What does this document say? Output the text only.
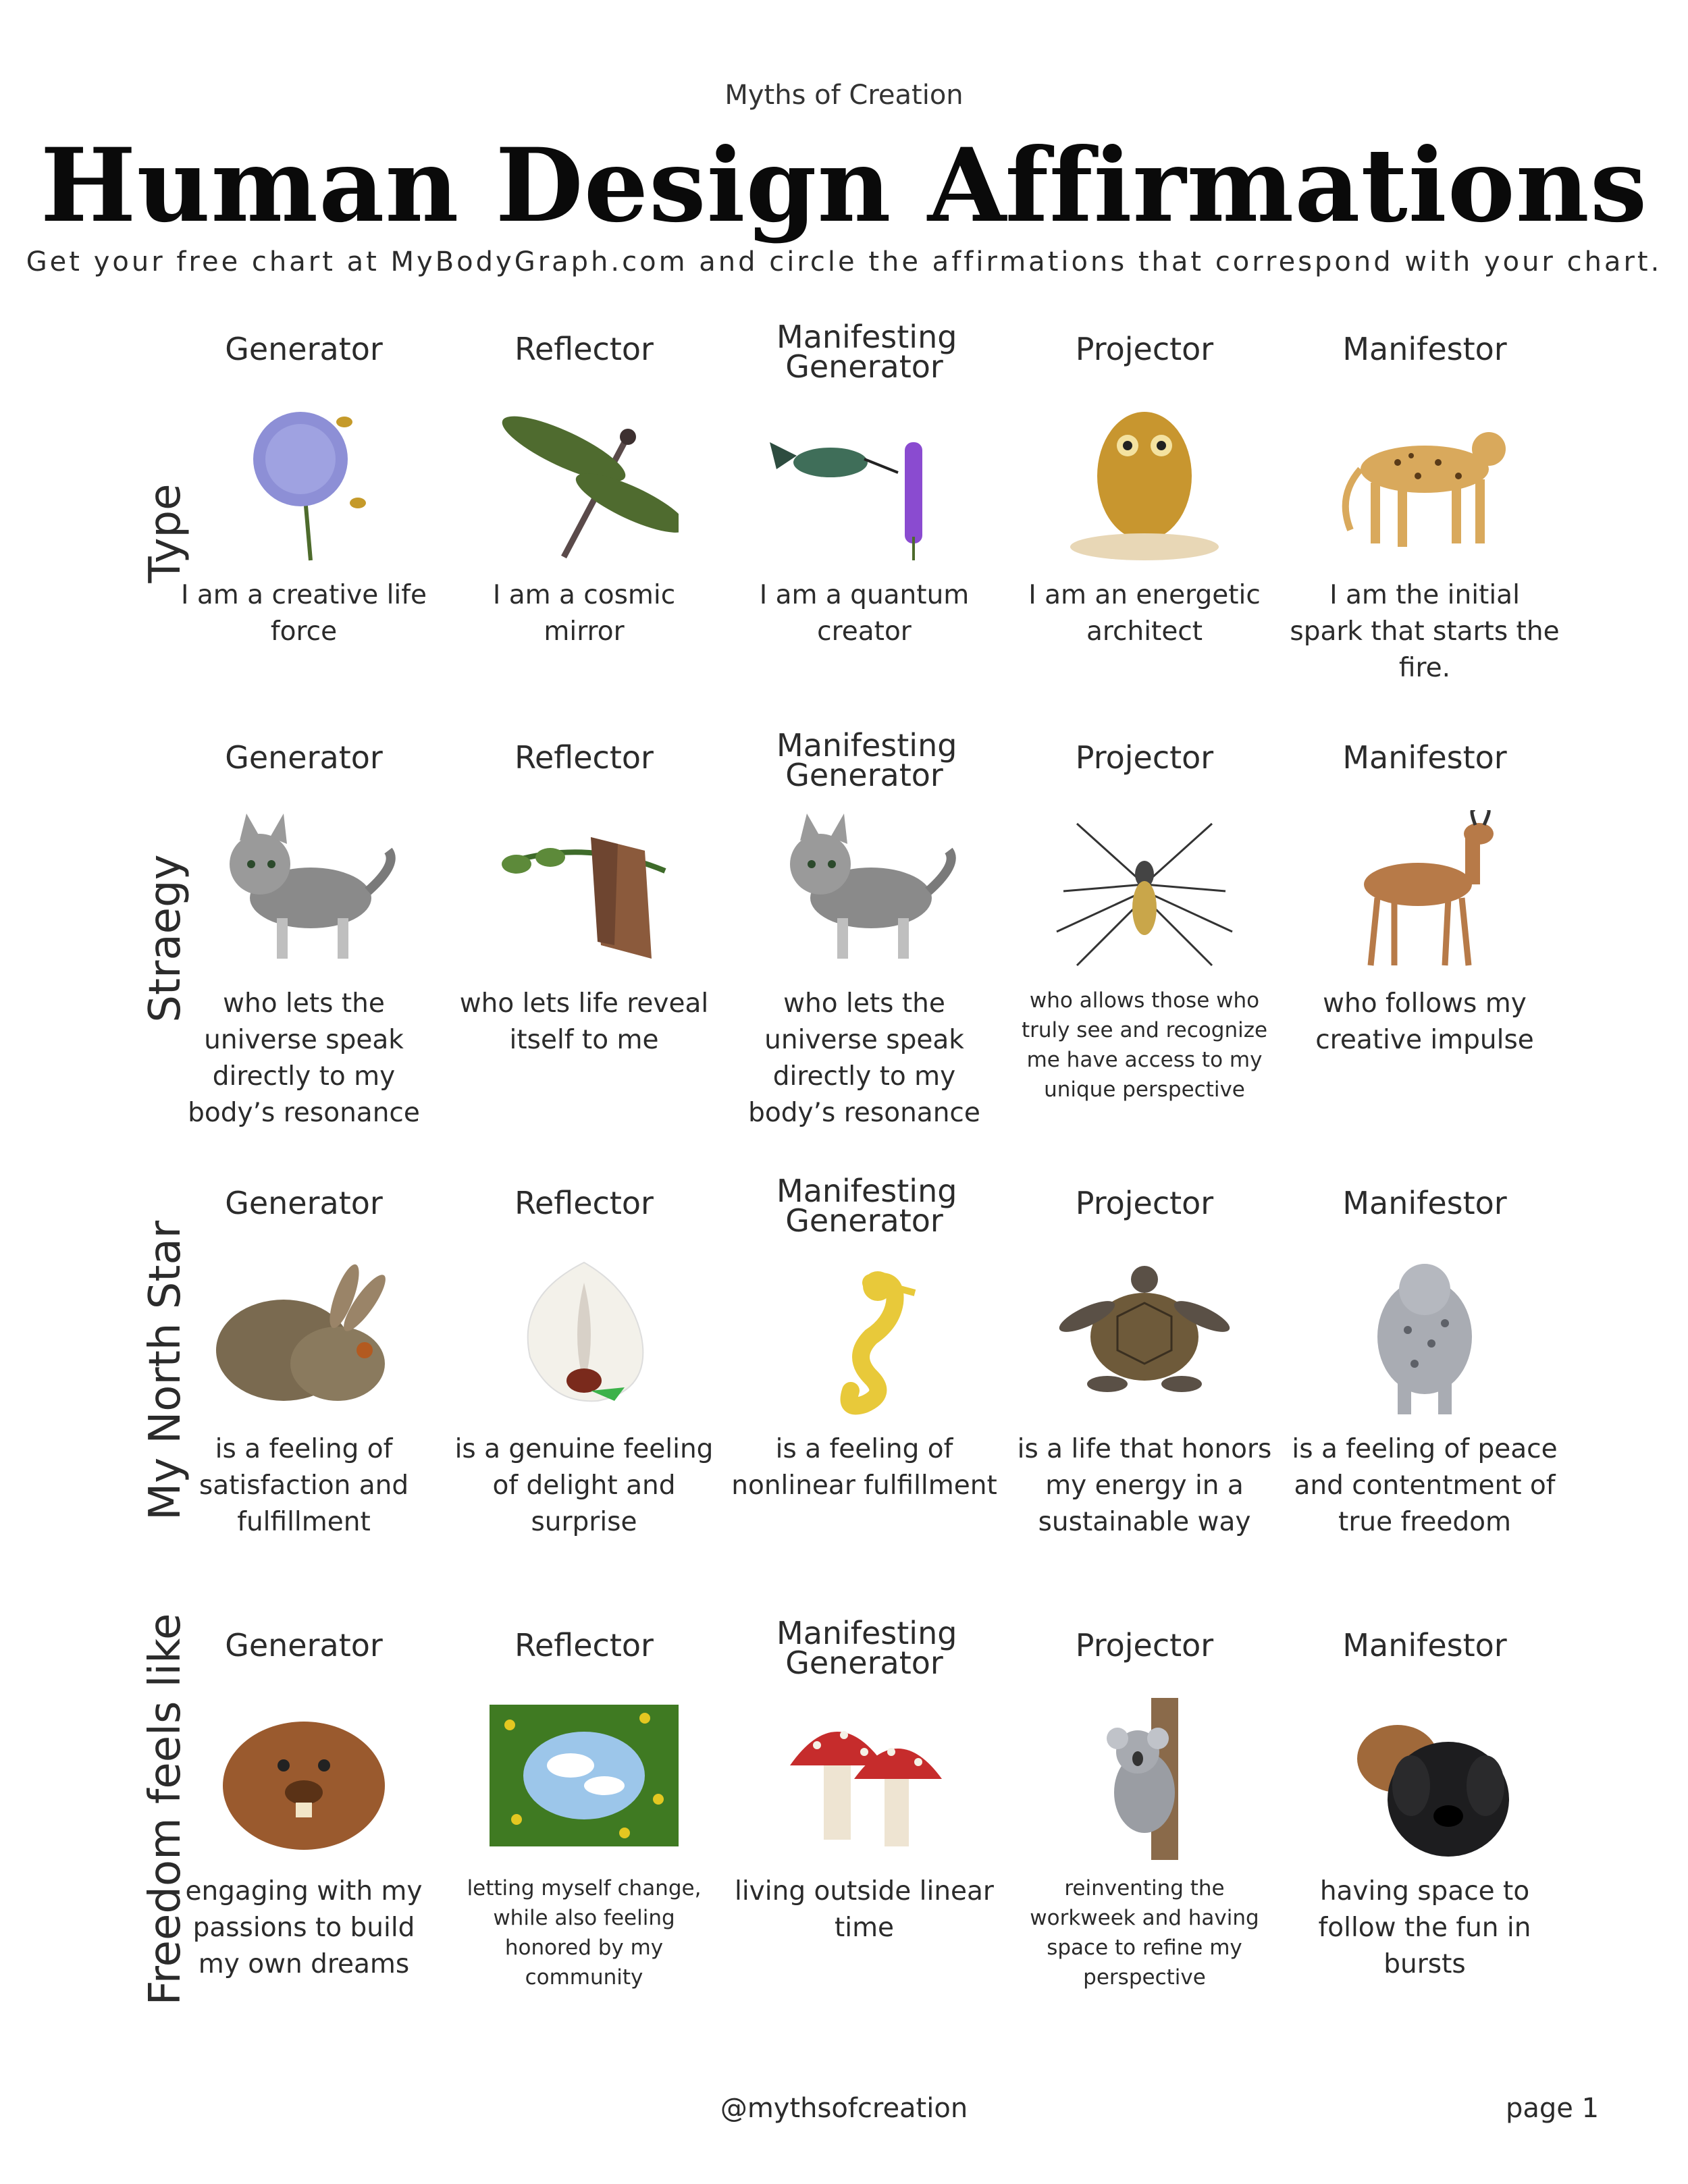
Myths of Creation
Human Design Affirmations
Get your free chart at MyBodyGraph.com and circle the affirmations that correspond with your chart.
Type
Generator
I am a creative life force
Reflector
I am a cosmic mirror
Manifesting Generator
I am a quantum creator
Projector
I am an energetic architect
Manifestor
I am the initial spark that starts the fire.
Straegy
Generator
who lets the universe speak directly to my body’s resonance
Reflector
who lets life reveal itself to me
Manifesting Generator
who lets the universe speak directly to my body’s resonance
Projector
who allows those who truly see and recognize me have access to my unique perspective
Manifestor
who follows my creative impulse
My North Star
Generator
is a feeling of satisfaction and fulfillment
Reflector
is a genuine feeling of delight and surprise
Manifesting Generator
is a feeling of nonlinear fulfillment
Projector
is a life that honors my energy in a sustainable way
Manifestor
is a feeling of peace and contentment of true freedom
Freedom feels like	Generator
engaging with my passions to build my own dreams
Reflector
letting myself change, while also feeling honored by my community
Manifesting Generator
living outside linear time
Projector
reinventing the workweek and having space to refine my perspective
Manifestor
having space to follow the fun in bursts
@mythsofcreation	page 1
